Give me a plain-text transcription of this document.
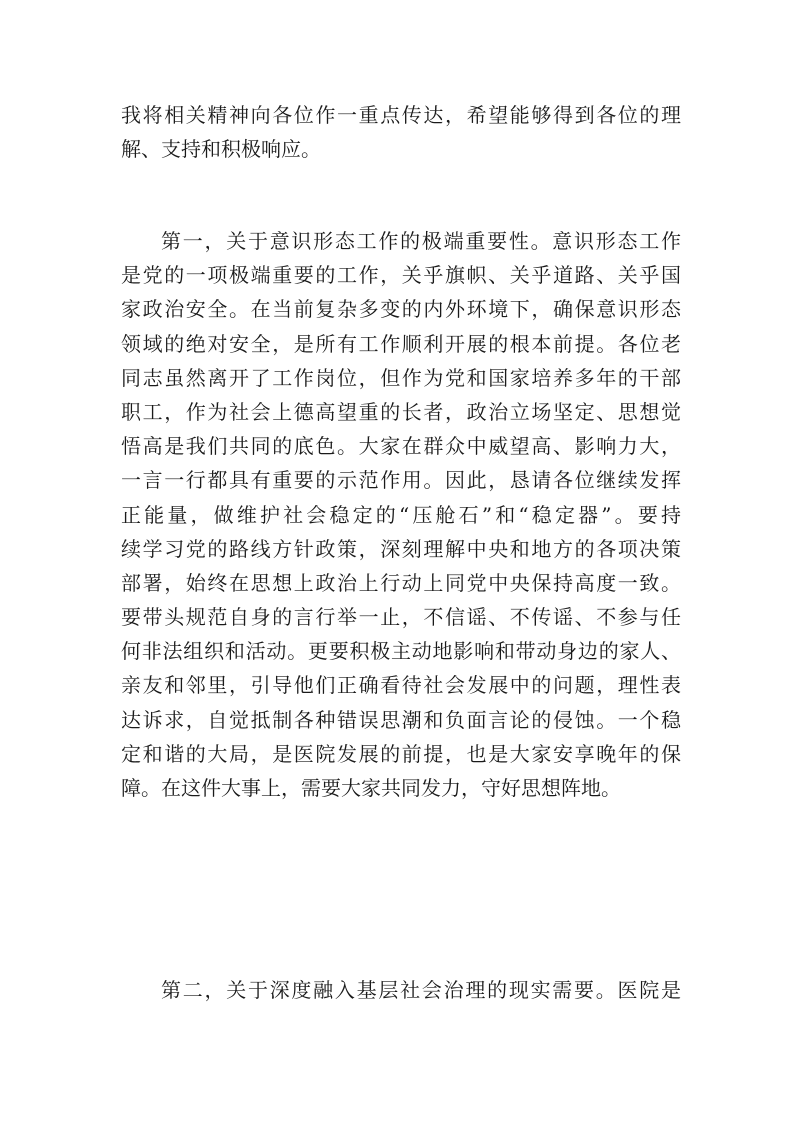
我将相关精神向各位作一重点传达，希望能够得到各位的理
解、支持和积极响应。
第一，关于意识形态工作的极端重要性。意识形态工作
是党的一项极端重要的工作，关乎旗帜、关乎道路、关乎国
家政治安全。在当前复杂多变的内外环境下，确保意识形态
领域的绝对安全，是所有工作顺利开展的根本前提。各位老
同志虽然离开了工作岗位，但作为党和国家培养多年的干部
职工，作为社会上德高望重的长者，政治立场坚定、思想觉
悟高是我们共同的底色。大家在群众中威望高、影响力大，
一言一行都具有重要的示范作用。因此，恳请各位继续发挥
正能量，做维护社会稳定的“压舱石”和“稳定器”。要持
续学习党的路线方针政策，深刻理解中央和地方的各项决策
部署，始终在思想上政治上行动上同党中央保持高度一致。
要带头规范自身的言行举一止，不信谣、不传谣、不参与任
何非法组织和活动。更要积极主动地影响和带动身边的家人、
亲友和邻里，引导他们正确看待社会发展中的问题，理性表
达诉求，自觉抵制各种错误思潮和负面言论的侵蚀。一个稳
定和谐的大局，是医院发展的前提，也是大家安享晚年的保
障。在这件大事上，需要大家共同发力，守好思想阵地。
第二，关于深度融入基层社会治理的现实需要。医院是
